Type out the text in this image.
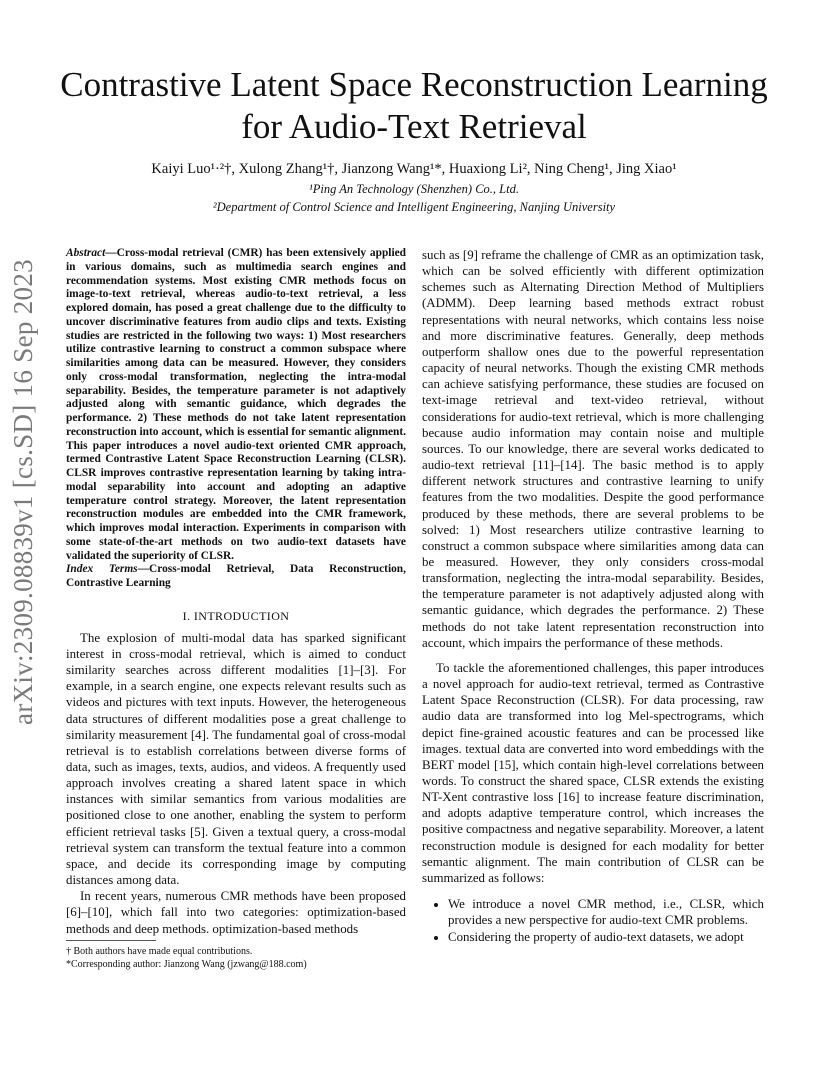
arXiv:2309.08839v1 [cs.SD] 16 Sep 2023
Contrastive Latent Space Reconstruction Learning
for Audio-Text Retrieval
Kaiyi Luo¹·²†, Xulong Zhang¹†, Jianzong Wang¹*, Huaxiong Li², Ning Cheng¹, Jing Xiao¹
¹Ping An Technology (Shenzhen) Co., Ltd.
²Department of Control Science and Intelligent Engineering, Nanjing University

Abstract—Cross-modal retrieval (CMR) has been extensively applied in various domains, such as multimedia search engines and recommendation systems. Most existing CMR methods focus on image-to-text retrieval, whereas audio-to-text retrieval, a less explored domain, has posed a great challenge due to the difficulty to uncover discriminative features from audio clips and texts. Existing studies are restricted in the following two ways: 1) Most researchers utilize contrastive learning to construct a common subspace where similarities among data can be measured. However, they considers only cross-modal transformation, neglecting the intra-modal separability. Besides, the temperature parameter is not adaptively adjusted along with semantic guidance, which degrades the performance. 2) These methods do not take latent representation reconstruction into account, which is essential for semantic alignment. This paper introduces a novel audio-text oriented CMR approach, termed Contrastive Latent Space Reconstruction Learning (CLSR). CLSR improves contrastive representation learning by taking intra-modal separability into account and adopting an adaptive temperature control strategy. Moreover, the latent representation reconstruction modules are embedded into the CMR framework, which improves modal interaction. Experiments in comparison with some state-of-the-art methods on two audio-text datasets have validated the superiority of CLSR.

Index Terms—Cross-modal Retrieval, Data Reconstruction, Contrastive Learning

I. INTRODUCTION

The explosion of multi-modal data has sparked significant interest in cross-modal retrieval, which is aimed to conduct similarity searches across different modalities [1]–[3]. For example, in a search engine, one expects relevant results such as videos and pictures with text inputs. However, the heterogeneous data structures of different modalities pose a great challenge to similarity measurement [4]. The fundamental goal of cross-modal retrieval is to establish correlations between diverse forms of data, such as images, texts, audios, and videos. A frequently used approach involves creating a shared latent space in which instances with similar semantics from various modalities are positioned close to one another, enabling the system to perform efficient retrieval tasks [5]. Given a textual query, a cross-modal retrieval system can transform the textual feature into a common space, and decide its corresponding image by computing distances among data.

In recent years, numerous CMR methods have been proposed [6]–[10], which fall into two categories: optimization-based methods and deep methods. optimization-based methods

† Both authors have made equal contributions.
*Corresponding author: Jianzong Wang (jzwang@188.com)

such as [9] reframe the challenge of CMR as an optimization task, which can be solved efficiently with different optimization schemes such as Alternating Direction Method of Multipliers (ADMM). Deep learning based methods extract robust representations with neural networks, which contains less noise and more discriminative features. Generally, deep methods outperform shallow ones due to the powerful representation capacity of neural networks. Though the existing CMR methods can achieve satisfying performance, these studies are focused on text-image retrieval and text-video retrieval, without considerations for audio-text retrieval, which is more challenging because audio information may contain noise and multiple sources. To our knowledge, there are several works dedicated to audio-text retrieval [11]–[14]. The basic method is to apply different network structures and contrastive learning to unify features from the two modalities. Despite the good performance produced by these methods, there are several problems to be solved: 1) Most researchers utilize contrastive learning to construct a common subspace where similarities among data can be measured. However, they only considers cross-modal transformation, neglecting the intra-modal separability. Besides, the temperature parameter is not adaptively adjusted along with semantic guidance, which degrades the performance. 2) These methods do not take latent representation reconstruction into account, which impairs the performance of these methods.

To tackle the aforementioned challenges, this paper introduces a novel approach for audio-text retrieval, termed as Contrastive Latent Space Reconstruction (CLSR). For data processing, raw audio data are transformed into log Mel-spectrograms, which depict fine-grained acoustic features and can be processed like images. textual data are converted into word embeddings with the BERT model [15], which contain high-level correlations between words. To construct the shared space, CLSR extends the existing NT-Xent contrastive loss [16] to increase feature discrimination, and adopts adaptive temperature control, which increases the positive compactness and negative separability. Moreover, a latent reconstruction module is designed for each modality for better semantic alignment. The main contribution of CLSR can be summarized as follows:

• We introduce a novel CMR method, i.e., CLSR, which provides a new perspective for audio-text CMR problems.
• Considering the property of audio-text datasets, we adopt
